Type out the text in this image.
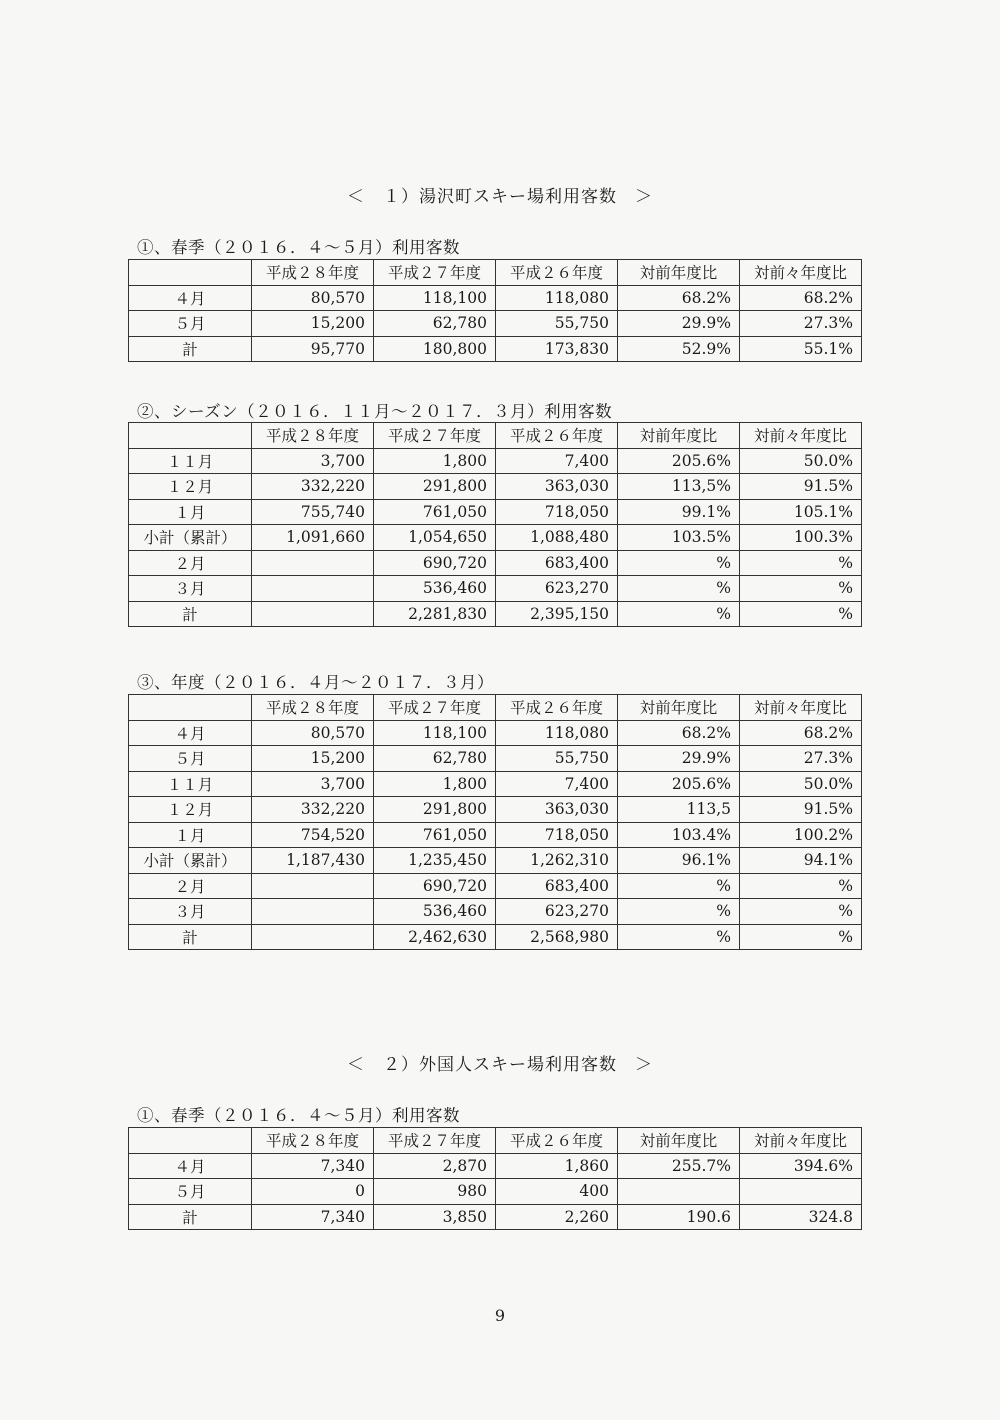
＜　１）湯沢町スキー場利用客数　＞
①、春季（２０１６．４～５月）利用客数
	平成２８年度	平成２７年度	平成２６年度	対前年度比	対前々年度比
４月	80,570	118,100	118,080	68.2%	68.2%
５月	15,200	62,780	55,750	29.9%	27.3%
計	95,770	180,800	173,830	52.9%	55.1%
②、シーズン（２０１６．１１月～２０１７．３月）利用客数
	平成２８年度	平成２７年度	平成２６年度	対前年度比	対前々年度比
１１月	3,700	1,800	7,400	205.6%	50.0%
１２月	332,220	291,800	363,030	113,5%	91.5%
１月	755,740	761,050	718,050	99.1%	105.1%
小計（累計）	1,091,660	1,054,650	1,088,480	103.5%	100.3%
２月		690,720	683,400	%	%
３月		536,460	623,270	%	%
計		2,281,830	2,395,150	%	%
③、年度（２０１６．４月～２０１７．３月）
	平成２８年度	平成２７年度	平成２６年度	対前年度比	対前々年度比
４月	80,570	118,100	118,080	68.2%	68.2%
５月	15,200	62,780	55,750	29.9%	27.3%
１１月	3,700	1,800	7,400	205.6%	50.0%
１２月	332,220	291,800	363,030	113,5	91.5%
１月	754,520	761,050	718,050	103.4%	100.2%
小計（累計）	1,187,430	1,235,450	1,262,310	96.1%	94.1%
２月		690,720	683,400	%	%
３月		536,460	623,270	%	%
計		2,462,630	2,568,980	%	%
＜　２）外国人スキー場利用客数　＞
①、春季（２０１６．４～５月）利用客数
	平成２８年度	平成２７年度	平成２６年度	対前年度比	対前々年度比
４月	7,340	2,870	1,860	255.7%	394.6%
５月	0	980	400		
計	7,340	3,850	2,260	190.6	324.8
9
